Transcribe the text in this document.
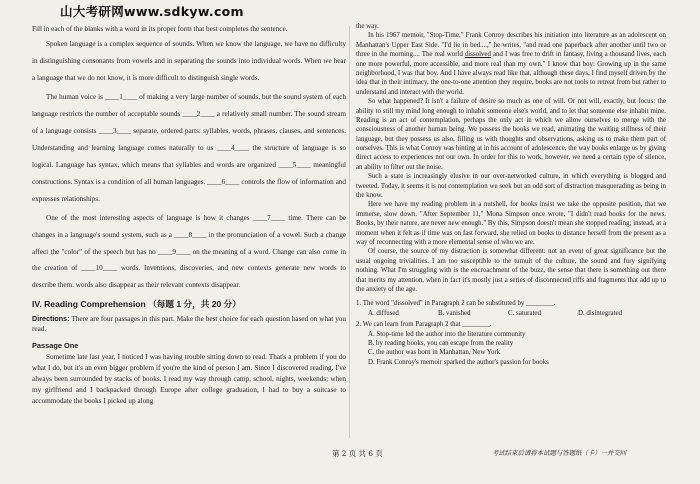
山大考研网www.sdkyw.com

Fill in each of the blanks with a word in its proper form that best completes the sentence.

Spoken language is a complex sequence of sounds. When we know the language, we have no difficulty in distinguishing consonants from vowels and in separating the sounds into individual words. When we hear a language that we do not know, it is more difficult to distinguish single words.

The human voice is ____1____ of making a very large number of sounds, but the sound system of each language restricts the number of acceptable sounds ____2____ a relatively small number. The sound stream of a language consists ____3____ separate, ordered parts: syllables, words, phrases, clauses, and sentences. Understanding and learning language comes naturally to us ____4____ the structure of language is so logical. Language has syntax, which means that syllables and words are organized ____5____ meaningful constructions. Syntax is a condition of all human languages. ____6____ controls the flow of information and expresses relationships.

One of the most interesting aspects of language is how it changes ____7____ time. There can be changes in a language's sound system, such as a ____8____ in the pronunciation of a vowel. Such a change affect the "color" of the speech but has no ____9____ on the meaning of a word. Change can also come in the creation of ____10____ words. Inventions, discoveries, and new contexts generate new words to describe them. words also disappear as their relevant contexts disappear.

IV. Reading Comprehension （每题 1 分，共 20 分）

Directions: There are four passages in this part. Make the best choice for each question based on what you read.

Passage One

Sometime late last year, I noticed I was having trouble sitting down to read. That's a problem if you do what I do, but it's an even bigger problem if you're the kind of person I am. Since I discovered reading, I've always been surrounded by stacks of books. I read my way through camp, school, nights, weekends; when my girlfriend and I backpacked through Europe after college graduation, I had to buy a suitcase to accommodate the books I picked up along

the way.

In his 1967 memoir, "Stop-Time," Frank Conroy describes his initiation into literature as an adolescent on Manhattan's Upper East Side. "I'd lie in bed....," he writes, "and read one paperback after another until two or three in the morning.... The real world dissolved and I was free to drift in fantasy, living a thousand lives, each one more powerful, more accessible, and more real than my own." I know that boy: Growing up in the same neighborhood, I was that boy. And I have always read like that, although these days, I find myself driven by the idea that in their intimacy, the one-to-one attention they require, books are not tools to retreat from but rather to understand and interact with the world.

So what happened? It isn't a failure of desire so much as one of will. Or not will, exactly, but focus: the ability to still my mind long enough to inhabit someone else's world, and to let that someone else inhabit mine. Reading is an act of contemplation, perhaps the only act in which we allow ourselves to merge with the consciousness of another human being. We possess the books we read, animating the waiting stillness of their language, but they possess us also, filling us with thoughts and observations, asking us to make them part of ourselves. This is what Conroy was hinting at in his account of adolescence, the way books enlarge us by giving direct access to experiences not our own. In order for this to work, however, we need a certain type of silence, an ability to filter out the noise.

Such a state is increasingly elusive in our over-networked culture, in which everything is blogged and tweeted. Today, it seems it is not contemplation we seek but an odd sort of distraction masquerading as being in the know.

Here we have my reading problem in a nutshell, for books insist we take the opposite position, that we immerse, slow down. "After September 11," Mona Simpson once wrote, "I didn't read books for the news. Books, by their nature, are never new enough." By this, Simpson doesn't mean she stopped reading; instead, at a moment when it felt as if time was on fast forward, she relied on books to distance herself from the present as a way of reconnecting with a more elemental sense of who we are.

Of course, the source of my distraction is somewhat different: not an event of great significance but the usual ongoing trivialities. I am too susceptible to the tumult of the culture, the sound and fury signifying nothing. What I'm struggling with is the encroachment of the buzz, the sense that there is something out there that merits my attention, when in fact it's mostly just a series of disconnected riffs and fragments that add up to the anxiety of the age.

1. The word "dissolved" in Paragraph 2 can be substituted by ________.
A. diffused	B. vanished	C. saturated	D. disintegrated
2. We can learn from Paragraph 2 that ________.
A. Stop-time led the author into the literature community
B. by reading books, you can escape from the reality
C. the author was born in Manhattan, New York
D. Frank Conroy's memoir sparked the author's passion for books
第 2 页 共 6 页	考试结束后请将本试题与答题纸（卡）一并交回
